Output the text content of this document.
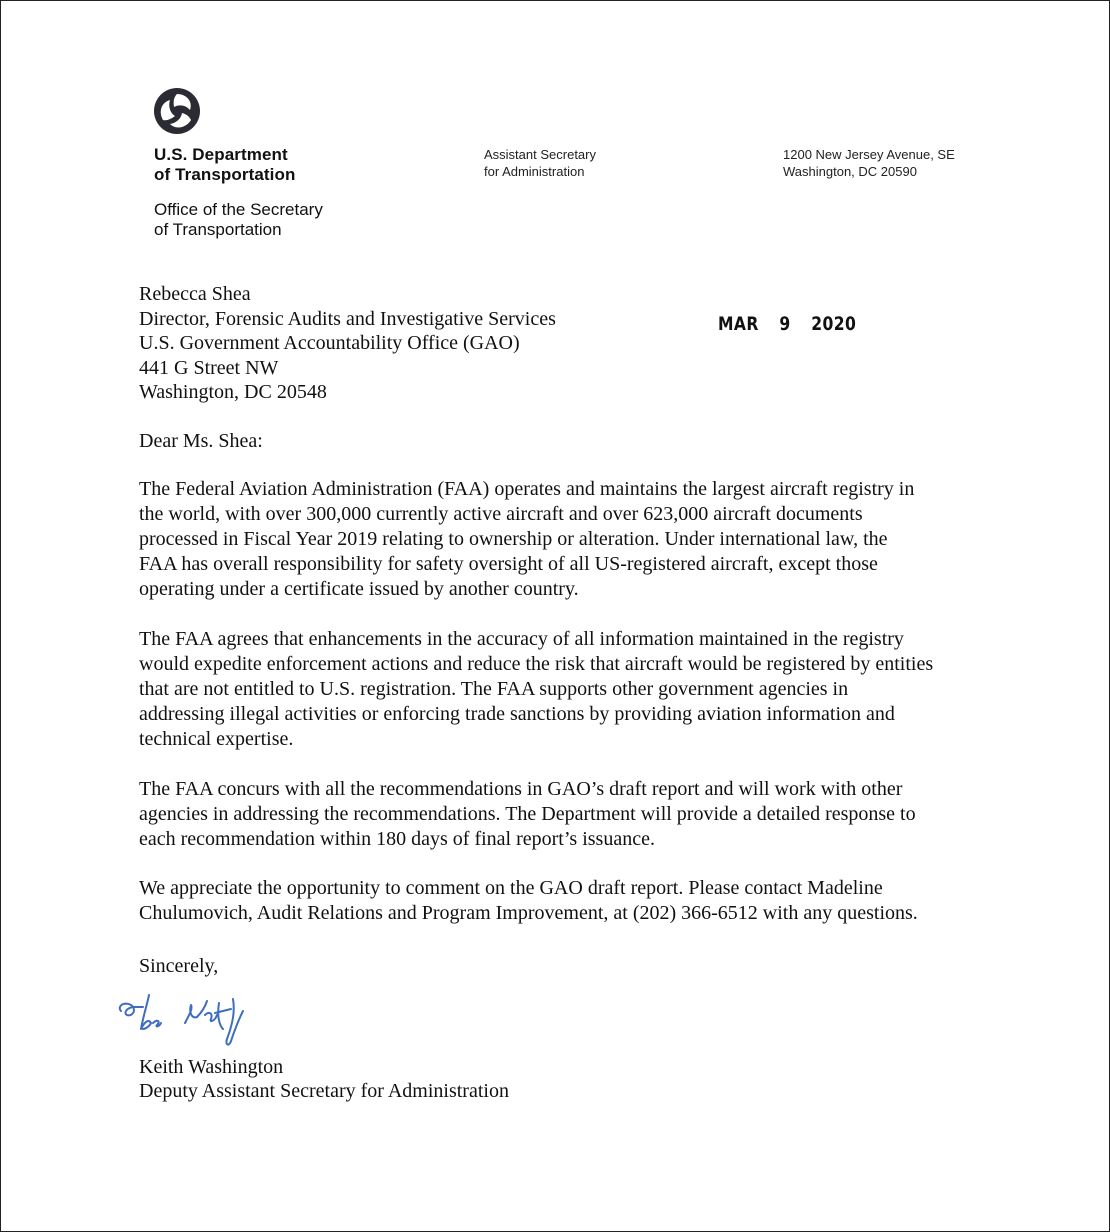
U.S. Department
of Transportation
Office of the Secretary
of Transportation
Assistant Secretary
for Administration
1200 New Jersey Avenue, SE
Washington, DC 20590
Rebecca Shea
Director, Forensic Audits and Investigative Services
U.S. Government Accountability Office (GAO)
441 G Street NW
Washington, DC 20548
MAR 9 2020
Dear Ms. Shea:

The Federal Aviation Administration (FAA) operates and maintains the largest aircraft registry in
the world, with over 300,000 currently active aircraft and over 623,000 aircraft documents
processed in Fiscal Year 2019 relating to ownership or alteration. Under international law, the
FAA has overall responsibility for safety oversight of all US-registered aircraft, except those
operating under a certificate issued by another country.

The FAA agrees that enhancements in the accuracy of all information maintained in the registry
would expedite enforcement actions and reduce the risk that aircraft would be registered by entities
that are not entitled to U.S. registration. The FAA supports other government agencies in
addressing illegal activities or enforcing trade sanctions by providing aviation information and
technical expertise.

The FAA concurs with all the recommendations in GAO’s draft report and will work with other
agencies in addressing the recommendations. The Department will provide a detailed response to
each recommendation within 180 days of final report’s issuance.

We appreciate the opportunity to comment on the GAO draft report. Please contact Madeline
Chulumovich, Audit Relations and Program Improvement, at (202) 366-6512 with any questions.

Sincerely,
Keith Washington
Deputy Assistant Secretary for Administration
